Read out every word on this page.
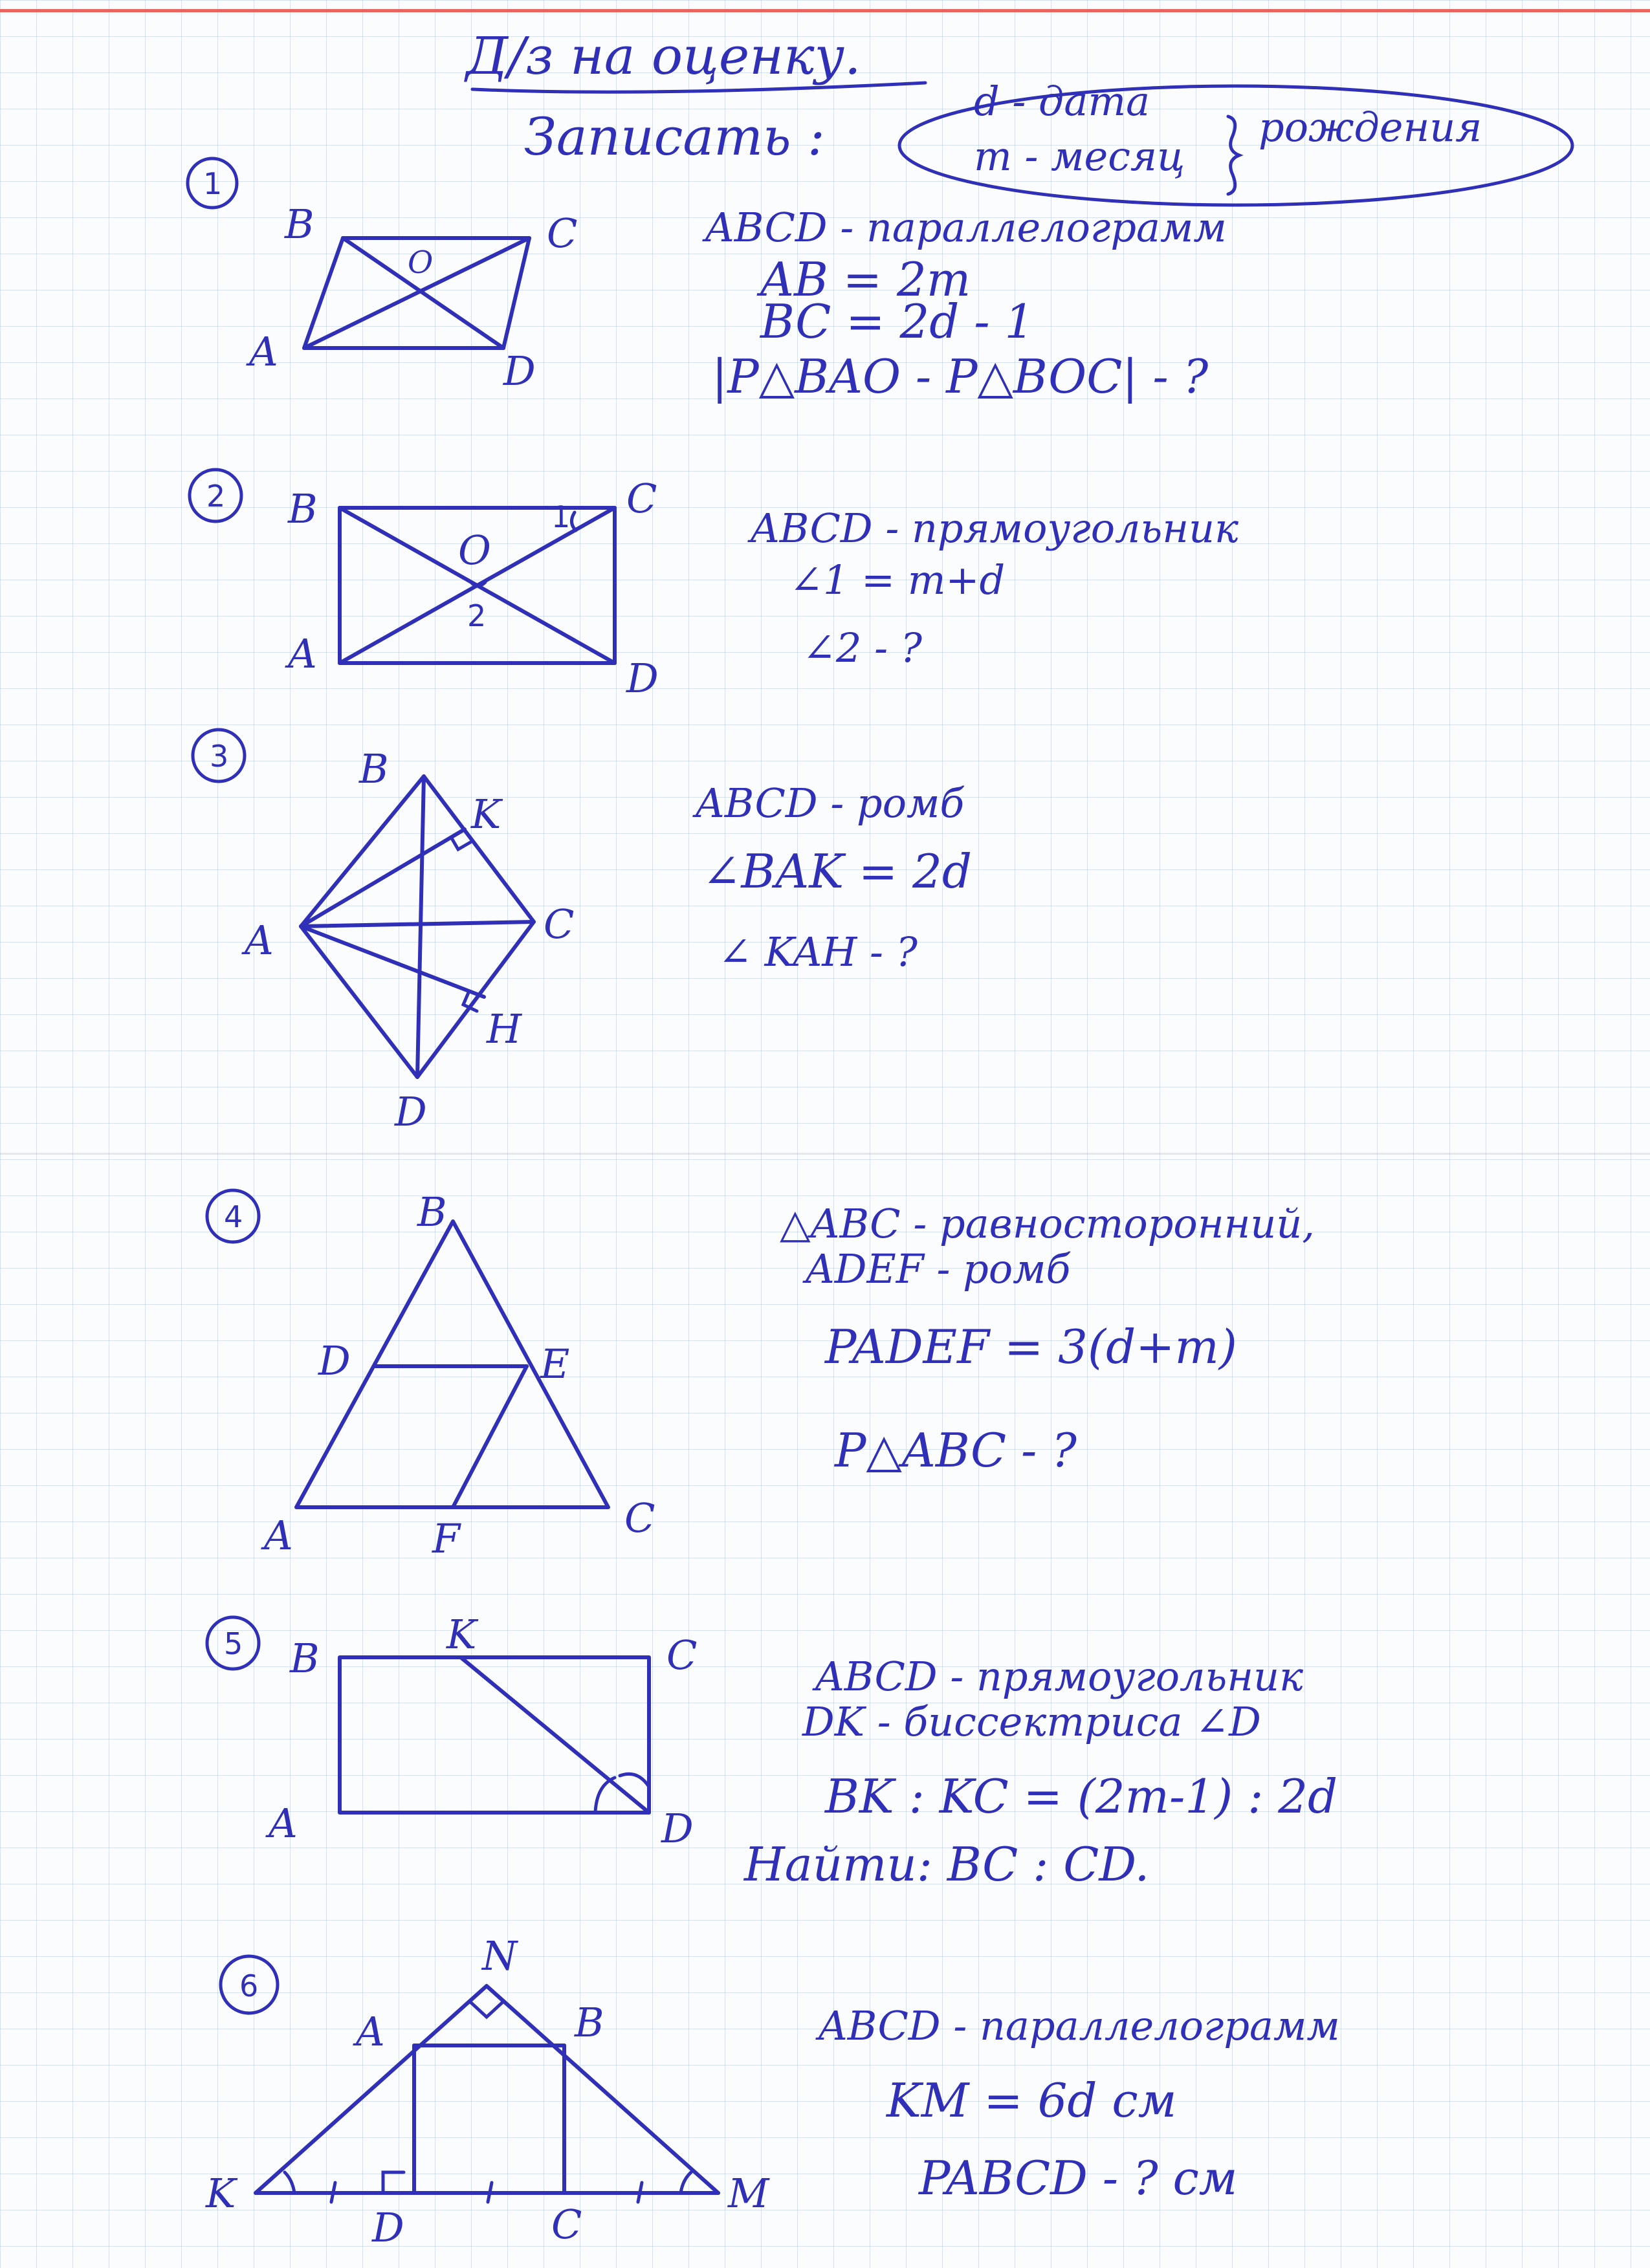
1
B	C
A	D
O
2 B	C
A
D
O
1
2
3	B
K
A	C
H
D
4	B
D	E
A	F	C
5 B
K	C
A	D
6
A
N
B
K	M
D	C
Д/з на оценку.
Записать :
d - дата
m - месяц
рождения
ABCD - параллелограмм
AB = 2m
BC = 2d - 1
|P△BAO - P△BOC| - ?
ABCD - прямоугольник
∠1 = m+d
∠2 - ?
ABCD - ромб
∠BAK = 2d
∠ KAH - ?
△ABC - равносторонний,
ADEF - ромб
PADEF = 3(d+m)
P△ABC - ?
ABCD - прямоугольник
DK - биссектриса ∠D
BK : KC = (2m-1) : 2d
Найти: BC : CD.
ABCD - параллелограмм
KM = 6d см
PABCD - ? см
